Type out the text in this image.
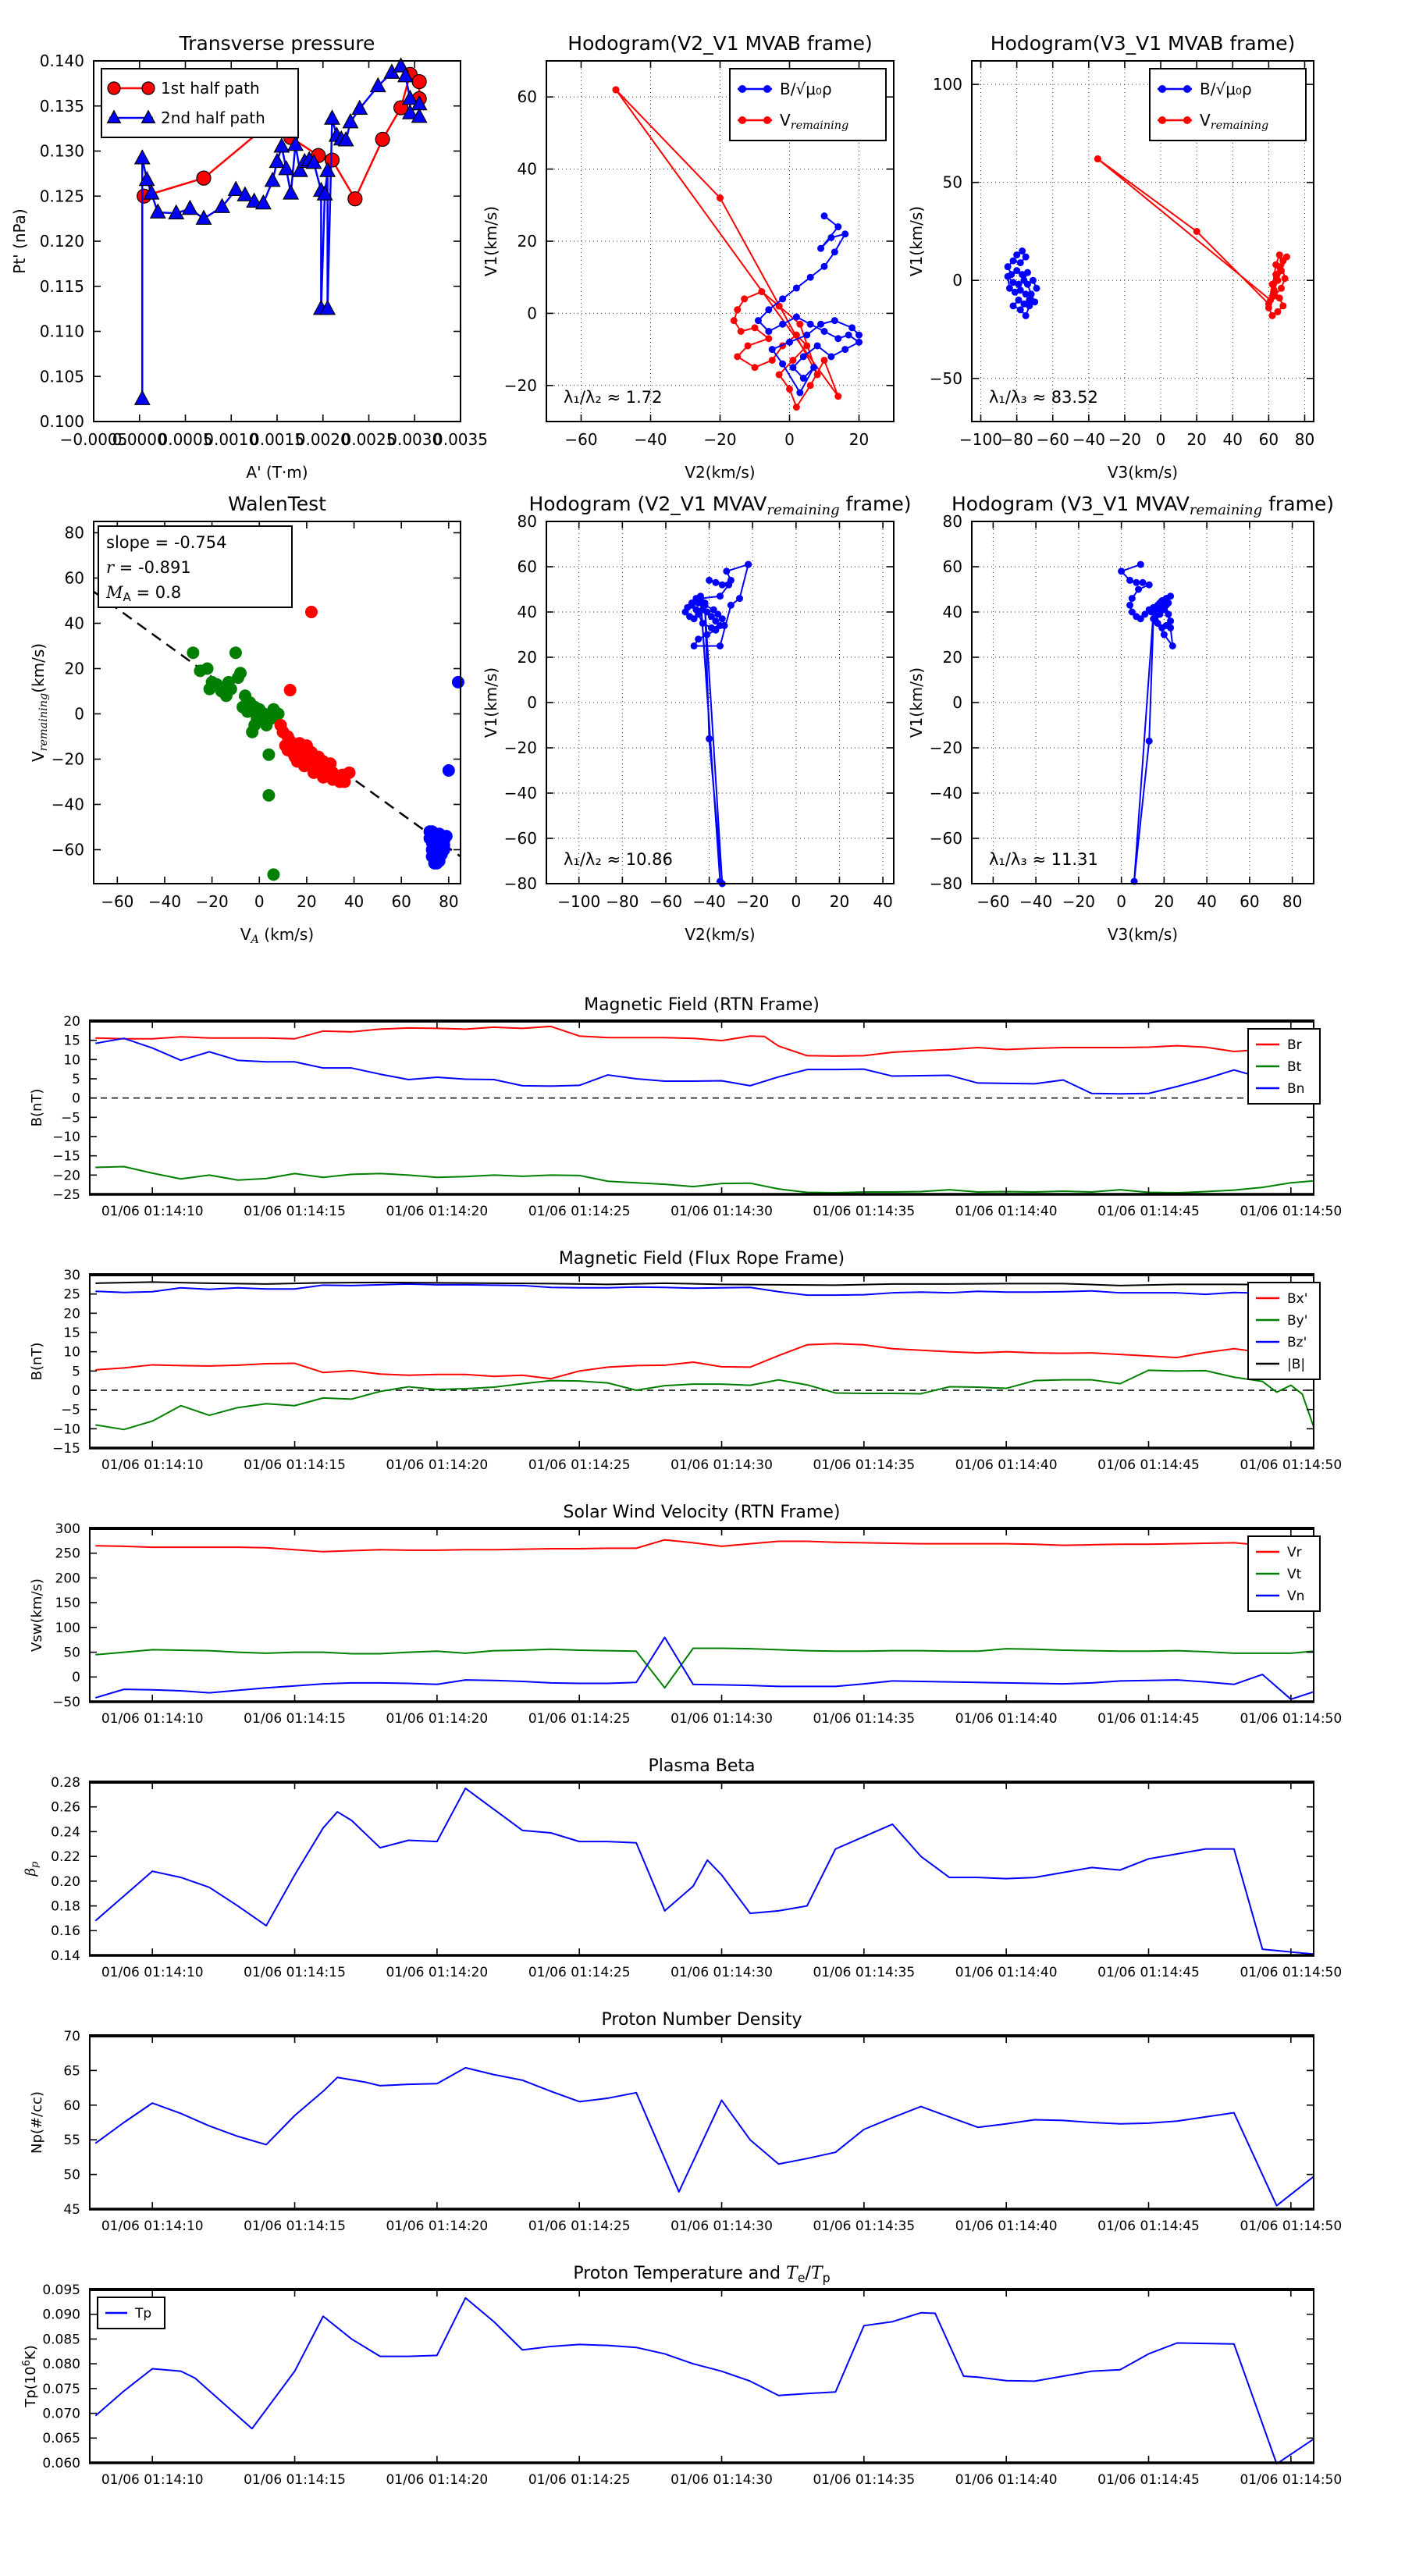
−0.0005
0.0000
0.0005
0.0010
0.0015
0.0020
0.0025
0.0030
0.0035
0.100
0.105
0.110
0.115
0.120
0.125
0.130
0.135
0.140
Transverse pressure
A' (T·m)
Pt' (nPa)
1st half path
2nd half path
−60 −40 −20	0	20
−20
0
20
40
60
Hodogram(V2_V1 MVAB frame)
V2(km/s)
V1(km/s)
λ₁/λ₂ ≈ 1.72
B/√μ₀ρ
$V_{remaining}$
−100
−80 −60 −40 −20 0 20 40 60 80
−50
0
50
100
Hodogram(V3_V1 MVAB frame)
V3(km/s)
V1(km/s)
λ₁/λ₃ ≈ 83.52
B/√μ₀ρ
$V_{remaining}$
−60 −40 −20 0 20 40 60 80
−60
−40
−20
0
20
40
60
80
WalenTest
$V_A$ (km/s)
$V_{remaining}(km/s)$
slope = -0.754
r = -0.891
$M_A = 0.8$
−100 −80 −60 −40 −20 0 20 40
−80
−60
−40
−20
0
20
40
60
80
Hodogram (V2_V1 $MVAV_{remaining}$ frame)
V2(km/s)
V1(km/s)
λ₁/λ₂ ≈ 10.86
−60 −40 −20 0 20 40 60 80
−80
−60
−40
−20
0
20
40
60
80
Hodogram (V3_V1 $MVAV_{remaining}$ frame)
V3(km/s)
V1(km/s)
λ₁/λ₃ ≈ 11.31
01/06 01:14:10	01/06 01:14:15	01/06 01:14:20	01/06 01:14:25	01/06 01:14:30	01/06 01:14:35	01/06 01:14:40	01/06 01:14:45	01/06 01:14:50
−25
−20
−15
−10
−5
0
5
10
15
20
Magnetic Field (RTN Frame)
B(nT)
Br
Bt
Bn
01/06 01:14:10	01/06 01:14:15	01/06 01:14:20	01/06 01:14:25	01/06 01:14:30	01/06 01:14:35	01/06 01:14:40	01/06 01:14:45	01/06 01:14:50
−15
−10
−5
0
5
10
15
20
25
30
Magnetic Field (Flux Rope Frame)
B(nT)
Bx'
By'
Bz'
|B|
01/06 01:14:10	01/06 01:14:15	01/06 01:14:20	01/06 01:14:25	01/06 01:14:30	01/06 01:14:35	01/06 01:14:40	01/06 01:14:45	01/06 01:14:50
−50
0
50
100
150
200
250
300
Solar Wind Velocity (RTN Frame)
Vsw(km/s)
Vr
Vt
Vn
01/06 01:14:10	01/06 01:14:15	01/06 01:14:20	01/06 01:14:25	01/06 01:14:30	01/06 01:14:35	01/06 01:14:40	01/06 01:14:45	01/06 01:14:50
0.14
0.16
0.18
0.20
0.22
0.24
0.26
0.28
Plasma Beta
$\beta_p$
01/06 01:14:10	01/06 01:14:15	01/06 01:14:20	01/06 01:14:25	01/06 01:14:30	01/06 01:14:35	01/06 01:14:40	01/06 01:14:45	01/06 01:14:50
45
50
55
60
65
70
Proton Number Density
Np(#/cc)
01/06 01:14:10	01/06 01:14:15	01/06 01:14:20	01/06 01:14:25	01/06 01:14:30	01/06 01:14:35	01/06 01:14:40	01/06 01:14:45	01/06 01:14:50
0.060
0.065
0.070
0.075
0.080
0.085
0.090
0.095
Proton Temperature and $T_e/T_p$
$Tp(10^6K)$
Tp
